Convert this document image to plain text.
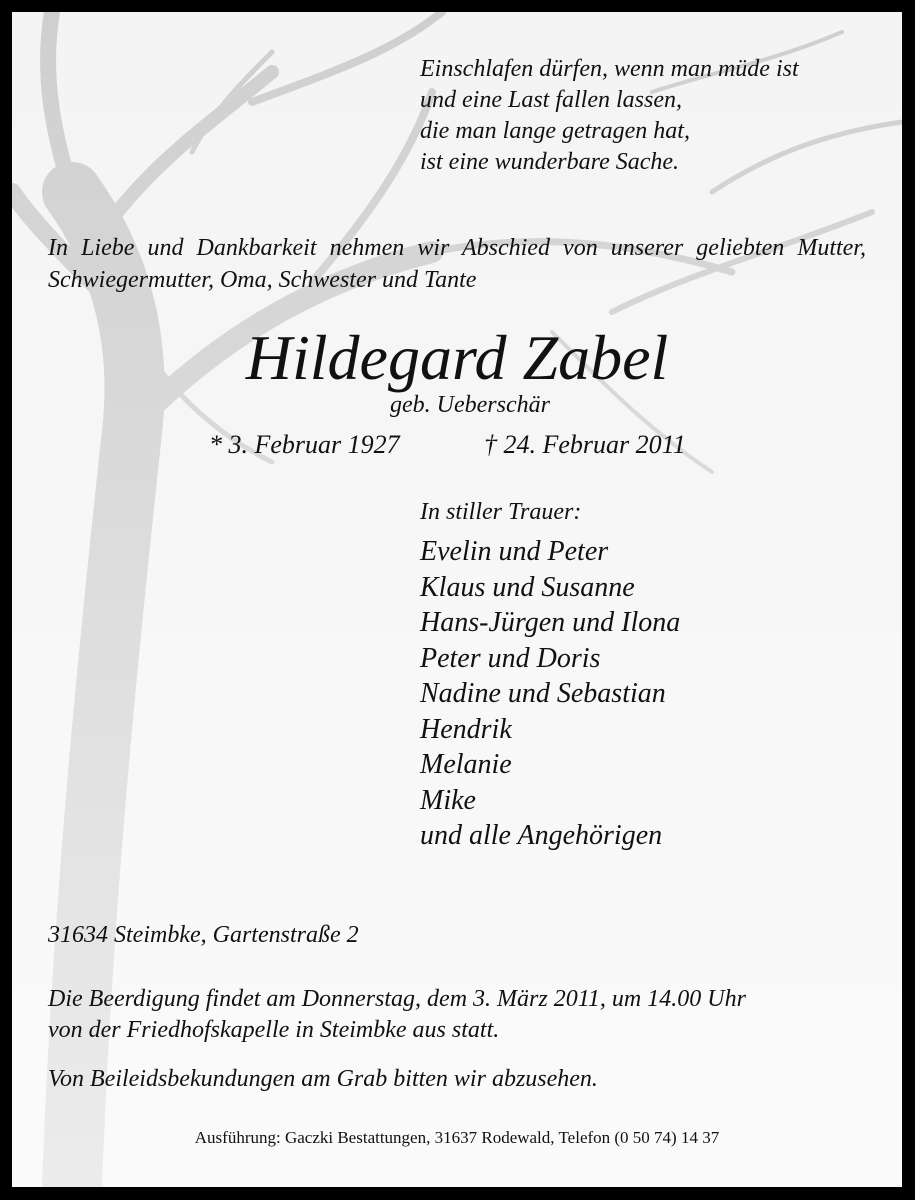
Einschlafen dürfen, wenn man müde ist
und eine Last fallen lassen,
die man lange getragen hat,
ist eine wunderbare Sache.
In Liebe und Dankbarkeit nehmen wir Abschied von unserer geliebten Mutter, Schwiegermutter, Oma, Schwester und Tante
Hildegard Zabel
geb. Ueberschär
* 3. Februar 1927	† 24. Februar 2011
In stiller Trauer:
Evelin und Peter
Klaus und Susanne
Hans-Jürgen und Ilona
Peter und Doris
Nadine und Sebastian
Hendrik
Melanie
Mike
und alle Angehörigen
31634 Steimbke, Gartenstraße 2
Die Beerdigung findet am Donnerstag, dem 3. März 2011, um 14.00 Uhr
von der Friedhofskapelle in Steimbke aus statt.
Von Beileidsbekundungen am Grab bitten wir abzusehen.
Ausführung: Gaczki Bestattungen, 31637 Rodewald, Telefon (0 50 74) 14 37
